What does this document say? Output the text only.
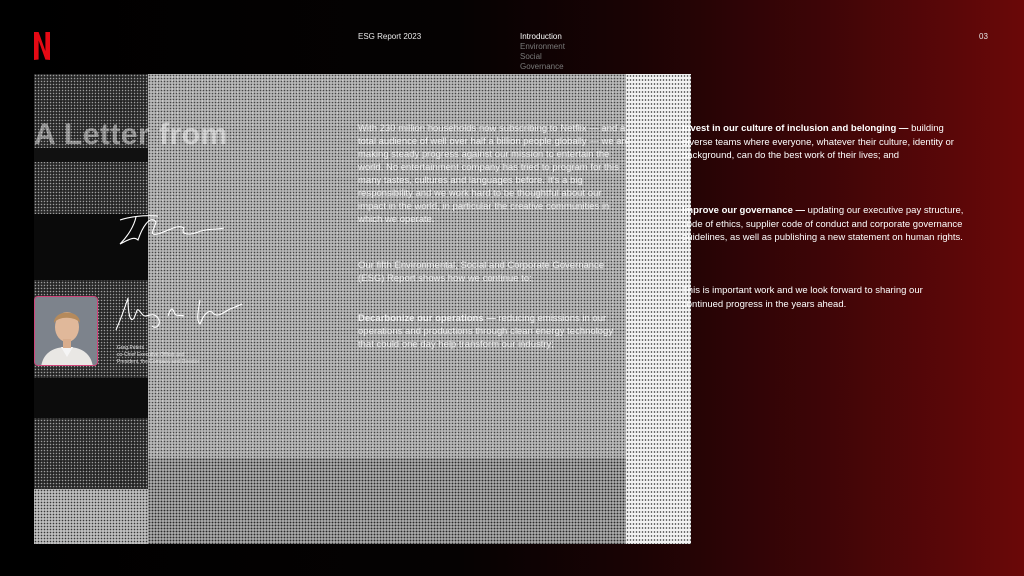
ESG Report 2023	Introduction
Environment
Social
Governance
03
A Letter from
Greg Peters
co-Chief Executive Officer and
President, the Company and Director
With 230 million households now subscribing to Netflix — and a total audience of well over half a billion people globally — we are making steady progress against our mission to entertain the world. No entertainment company has tried to program for this many tastes, cultures and languages before. It's a big responsibility and we work hard to be thoughtful about our impact in the world, in particular the creative communities in which we operate.
Our fifth Environmental, Social and Corporate Governance (ESG) Report shows how we continue to:
Decarbonize our operations — reducing emissions in our operations and productions through clean energy technology that could one day help transform our industry;
Invest in our culture of inclusion and belonging — building diverse teams where everyone, whatever their culture, identity or background, can do the best work of their lives; and
Improve our governance — updating our executive pay structure, code of ethics, supplier code of conduct and corporate governance guidelines, as well as publishing a new statement on human rights.
This is important work and we look forward to sharing our continued progress in the years ahead.
